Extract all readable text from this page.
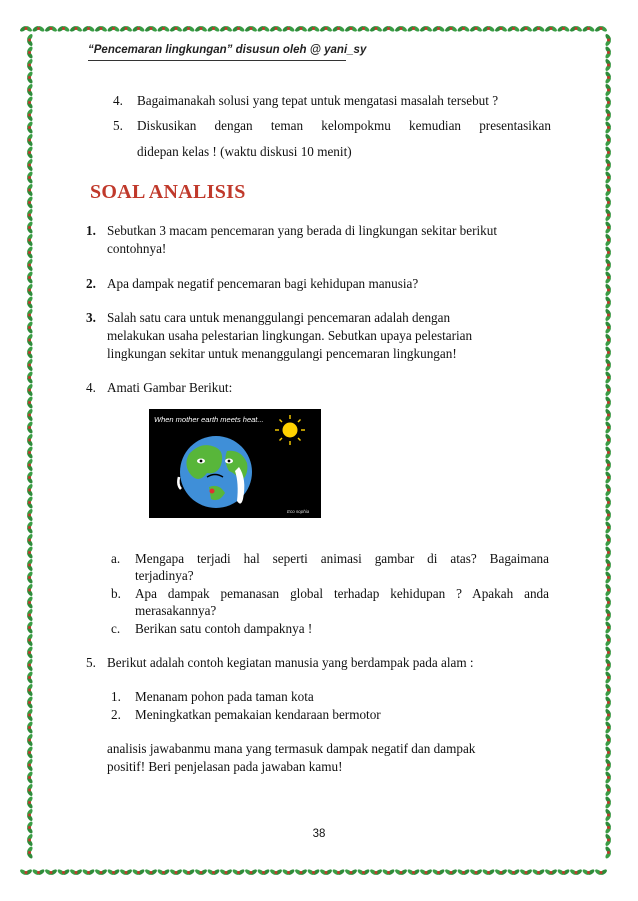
“Pencemaran lingkungan” disusun oleh @ yani_sy
4. Bagaimanakah solusi yang tepat untuk mengatasi masalah tersebut ?
5. Diskusikan dengan teman kelompokmu kemudian presentasikan
didepan kelas ! (waktu diskusi 10 menit)
SOAL ANALISIS
1. Sebutkan 3 macam pencemaran yang berada di lingkungan sekitar berikut
contohnya!
2. Apa dampak negatif pencemaran bagi kehidupan manusia?
3. Salah satu cara untuk menanggulangi pencemaran adalah dengan
melakukan usaha pelestarian lingkungan. Sebutkan upaya pelestarian
lingkungan sekitar untuk menanggulangi pencemaran lingkungan!
4. Amati Gambar Berikut:
When mother earth meets heat...
Eco sophia
a. Mengapa terjadi hal seperti animasi gambar di atas? Bagaimana
terjadinya?
b. Apa dampak pemanasan global terhadap kehidupan ? Apakah anda
merasakannya?
c. Berikan satu contoh dampaknya !
5. Berikut adalah contoh kegiatan manusia yang berdampak pada alam :
1. Menanam pohon pada taman kota
2. Meningkatkan pemakaian kendaraan bermotor
analisis jawabanmu mana yang termasuk dampak negatif dan dampak
positif! Beri penjelasan pada jawaban kamu!
38
